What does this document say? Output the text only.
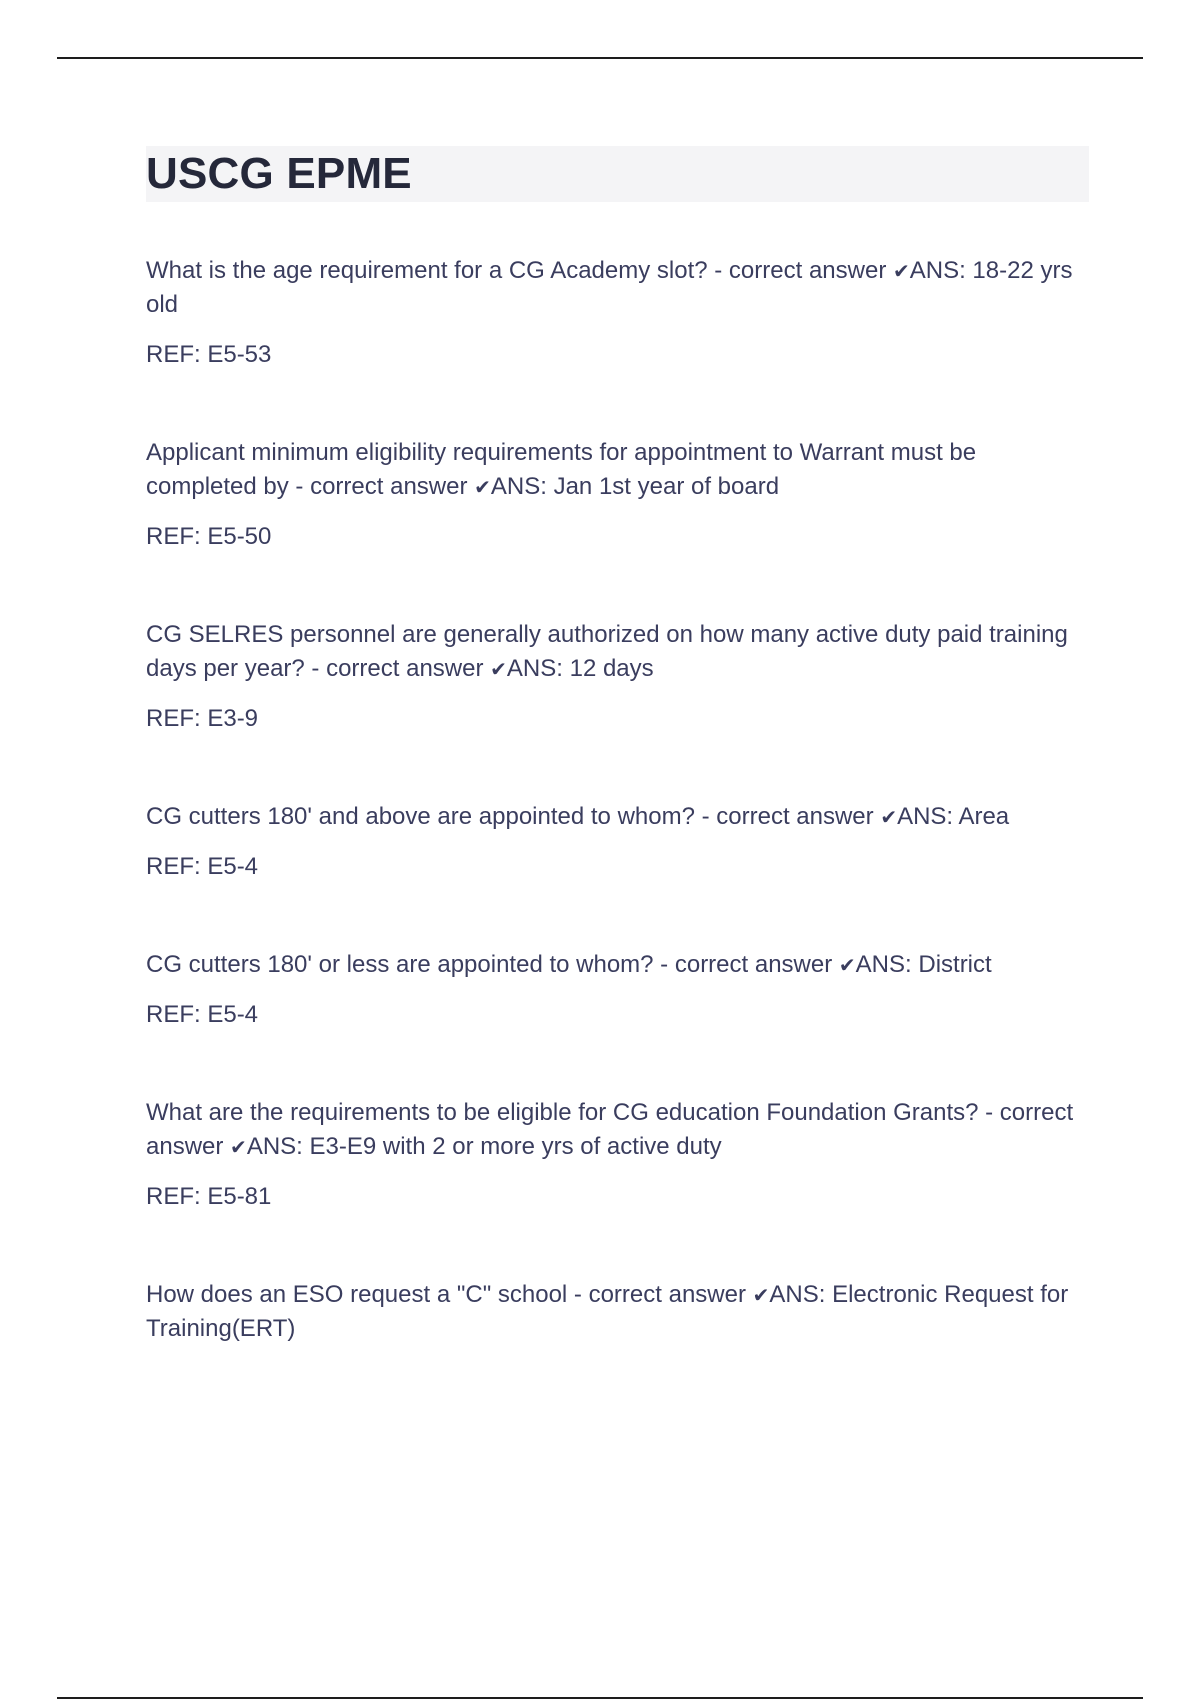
USCG EPME

What is the age requirement for a CG Academy slot? - correct answer ✔ANS: 18-22 yrs old

REF: E5-53

Applicant minimum eligibility requirements for appointment to Warrant must be completed by - correct answer ✔ANS: Jan 1st year of board

REF: E5-50

CG SELRES personnel are generally authorized on how many active duty paid training days per year? - correct answer ✔ANS: 12 days

REF: E3-9

CG cutters 180' and above are appointed to whom? - correct answer ✔ANS: Area

REF: E5-4

CG cutters 180' or less are appointed to whom? - correct answer ✔ANS: District

REF: E5-4

What are the requirements to be eligible for CG education Foundation Grants? - correct answer ✔ANS: E3-E9 with 2 or more yrs of active duty

REF: E5-81

How does an ESO request a "C" school - correct answer ✔ANS: Electronic Request for Training(ERT)
